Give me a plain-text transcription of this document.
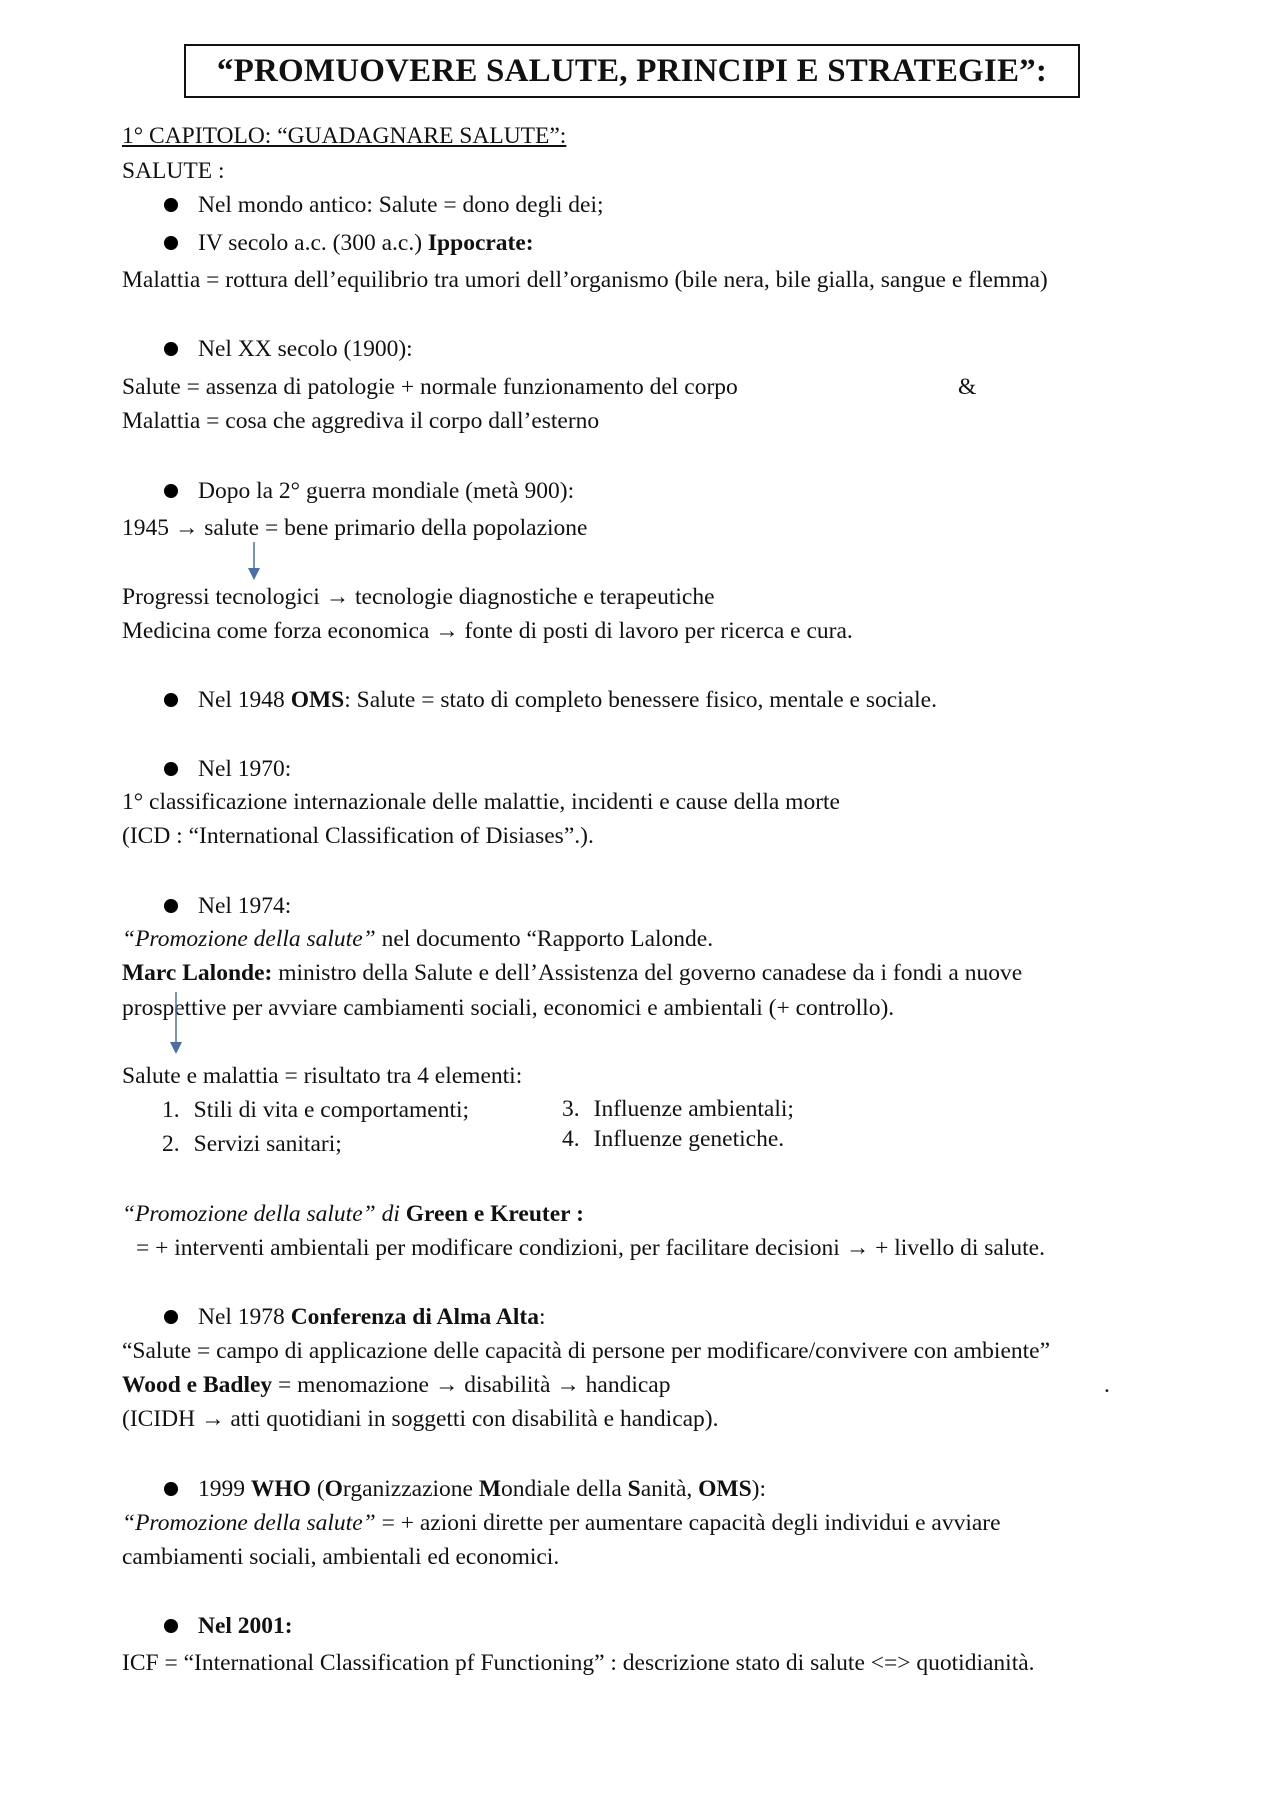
“PROMUOVERE SALUTE, PRINCIPI E STRATEGIE”:
1° CAPITOLO: “GUADAGNARE SALUTE”:
SALUTE :
Nel mondo antico: Salute = dono degli dei;
IV secolo a.c. (300 a.c.) Ippocrate:
Malattia = rottura dell’equilibrio tra umori dell’organismo (bile nera, bile gialla, sangue e flemma)
Nel XX secolo (1900):
Salute = assenza di patologie + normale funzionamento del corpo	&
Malattia = cosa che aggrediva il corpo dall’esterno
Dopo la 2° guerra mondiale (metà 900):
1945 → salute = bene primario della popolazione
Progressi tecnologici → tecnologie diagnostiche e terapeutiche
Medicina come forza economica → fonte di posti di lavoro per ricerca e cura.
Nel 1948 OMS: Salute = stato di completo benessere fisico, mentale e sociale.
Nel 1970:
1° classificazione internazionale delle malattie, incidenti e cause della morte
(ICD : “International Classification of Disiases”.).
Nel 1974:
“Promozione della salute” nel documento “Rapporto Lalonde.
Marc Lalonde: ministro della Salute e dell’Assistenza del governo canadese da i fondi a nuove
prospettive per avviare cambiamenti sociali, economici e ambientali (+ controllo).
Salute e malattia = risultato tra 4 elementi:
1. Stili di vita e comportamenti;
2. Servizi sanitari;
3. Influenze ambientali;
4. Influenze genetiche.
“Promozione della salute” di Green e Kreuter :
= + interventi ambientali per modificare condizioni, per facilitare decisioni → + livello di salute.
Nel 1978 Conferenza di Alma Alta:
“Salute = campo di applicazione delle capacità di persone per modificare/convivere con ambiente”
Wood e Badley = menomazione → disabilità → handicap	.
(ICIDH → atti quotidiani in soggetti con disabilità e handicap).
1999 WHO (Organizzazione Mondiale della Sanità, OMS):
“Promozione della salute” = + azioni dirette per aumentare capacità degli individui e avviare
cambiamenti sociali, ambientali ed economici.
Nel 2001:
ICF = “International Classification pf Functioning” : descrizione stato di salute <=> quotidianità.
